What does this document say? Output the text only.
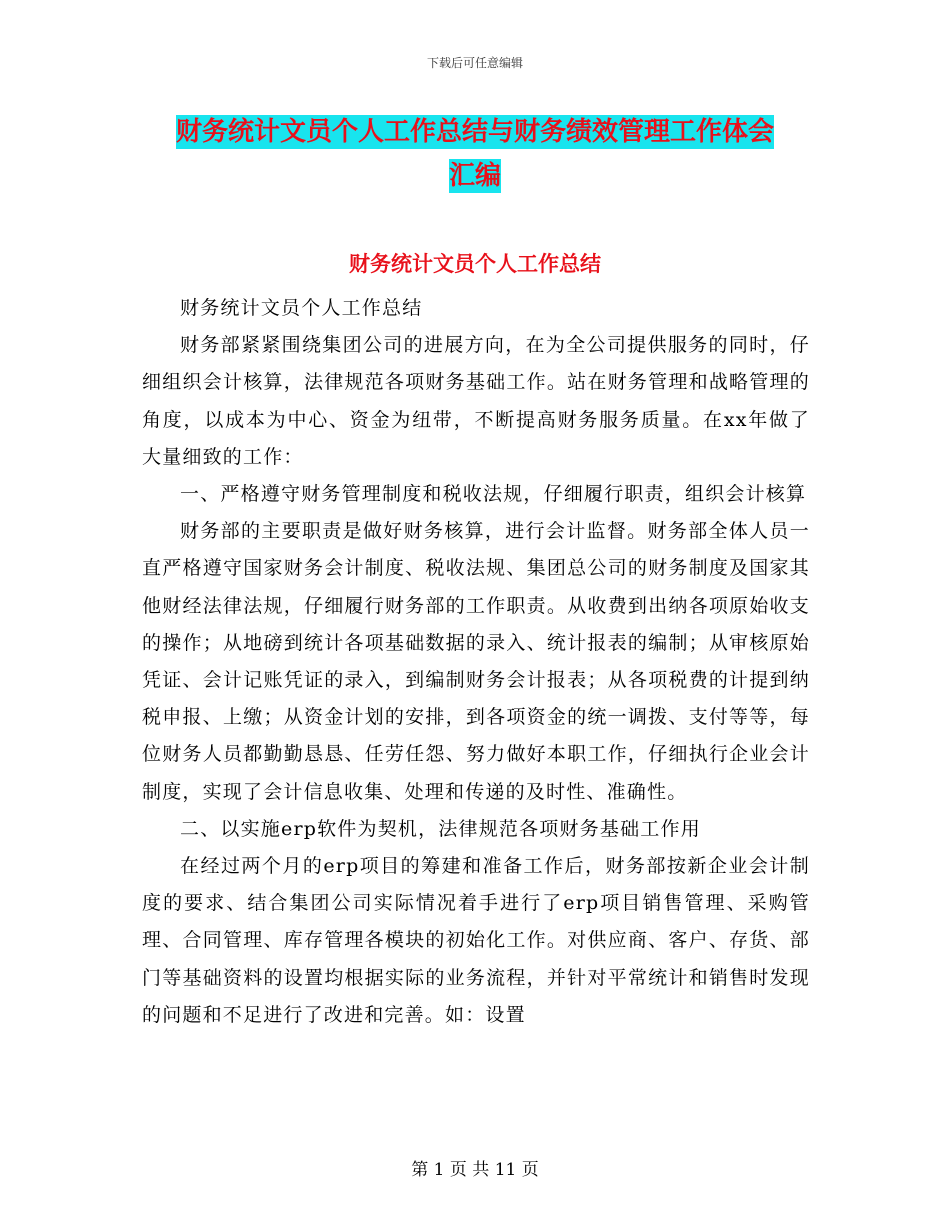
下载后可任意编辑
财务统计文员个人工作总结与财务绩效管理工作体会
汇编
财务统计文员个人工作总结

财务统计文员个人工作总结

财务部紧紧围绕集团公司的进展方向，在为全公司提供服务的同时，仔细组织会计核算，法律规范各项财务基础工作。站在财务管理和战略管理的角度，以成本为中心、资金为纽带，不断提高财务服务质量。在xx年做了大量细致的工作：

一、严格遵守财务管理制度和税收法规，仔细履行职责，组织会计核算

财务部的主要职责是做好财务核算，进行会计监督。财务部全体人员一直严格遵守国家财务会计制度、税收法规、集团总公司的财务制度及国家其他财经法律法规，仔细履行财务部的工作职责。从收费到出纳各项原始收支的操作；从地磅到统计各项基础数据的录入、统计报表的编制；从审核原始凭证、会计记账凭证的录入，到编制财务会计报表；从各项税费的计提到纳税申报、上缴；从资金计划的安排，到各项资金的统一调拨、支付等等，每位财务人员都勤勤恳恳、任劳任怨、努力做好本职工作，仔细执行企业会计制度，实现了会计信息收集、处理和传递的及时性、准确性。

二、以实施erp软件为契机，法律规范各项财务基础工作用

在经过两个月的erp项目的筹建和准备工作后，财务部按新企业会计制度的要求、结合集团公司实际情况着手进行了erp项目销售管理、采购管理、合同管理、库存管理各模块的初始化工作。对供应商、客户、存货、部门等基础资料的设置均根据实际的业务流程，并针对平常统计和销售时发现的问题和不足进行了改进和完善。如：设置

第 1 页 共 11 页
